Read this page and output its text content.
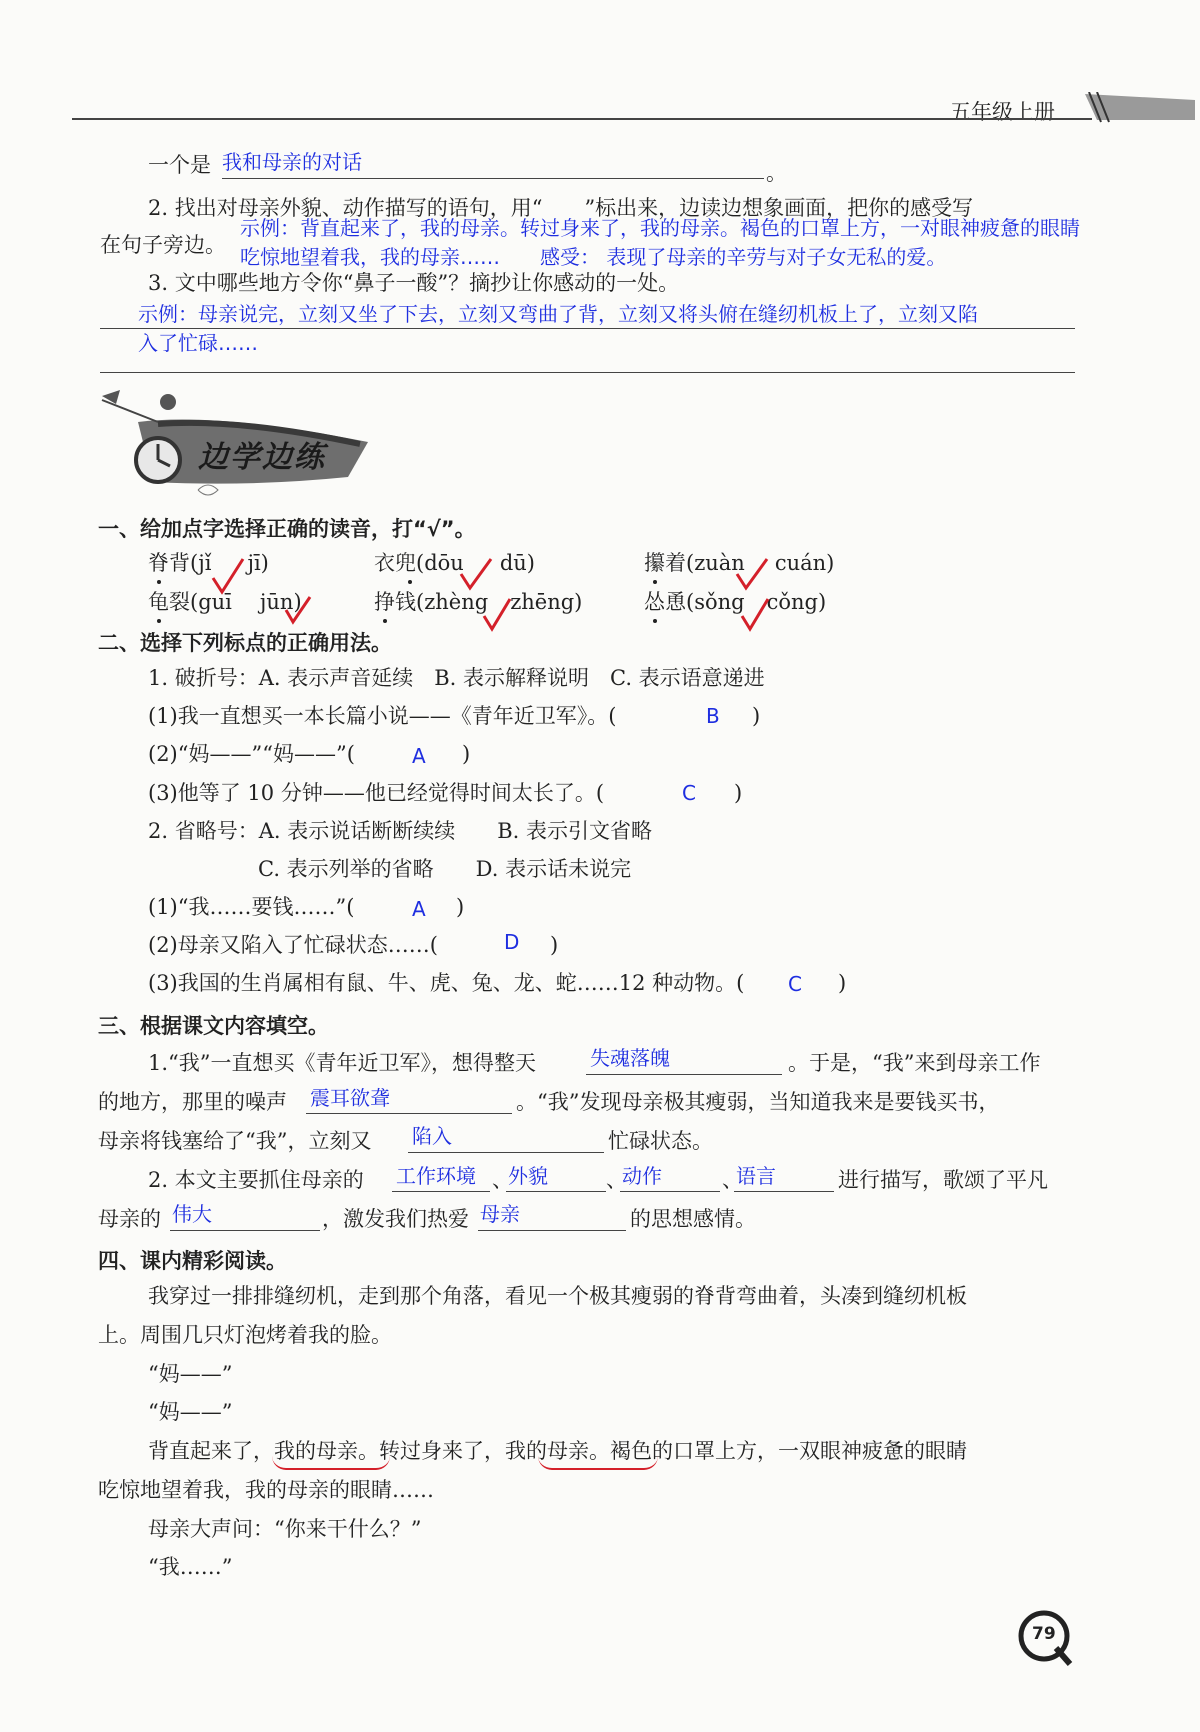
五年级上册
一个是 我和母亲的对话	。
2. 找出对母亲外貌、动作描写的语句，用“　　”标出来，边读边想象画面，把你的感受写
在句子旁边。
示例：背直起来了，我的母亲。转过身来了，我的母亲。褐色的口罩上方，一对眼神疲惫的眼睛
吃惊地望着我，我的母亲……　　感受： 表现了母亲的辛劳与对子女无私的爱。
3. 文中哪些地方令你“鼻子一酸”？摘抄让你感动的一处。
示例：母亲说完，立刻又坐了下去，立刻又弯曲了背，立刻又将头俯在缝纫机板上了，立刻又陷
入了忙碌……
边学边练
一、给加点字选择正确的读音，打“√”。
脊背(jǐ jī)	衣兜(dōu dū)	攥着(zuàn cuán)
龟裂(guī jūn)	挣钱(zhèng zhēng)	怂恿(sǒng cǒng)
二、选择下列标点的正确用法。
1. 破折号：A. 表示声音延续　B. 表示解释说明　C. 表示语意递进
(1)我一直想买一本长篇小说——《青年近卫军》。(	B )
(2)“妈——”“妈——”(	A )
(3)他等了 10 分钟——他已经觉得时间太长了。(	C )
2. 省略号：A. 表示说话断断续续　　B. 表示引文省略
C. 表示列举的省略　　D. 表示话未说完
(1)“我……要钱……”(	A )
(2)母亲又陷入了忙碌状态……(	D )
(3)我国的生肖属相有鼠、牛、虎、兔、龙、蛇……12 种动物。( C )
三、根据课文内容填空。
1.“我”一直想买《青年近卫军》，想得整天	失魂落魄	。于是，“我”来到母亲工作
的地方，那里的噪声 震耳欲聋	。“我”发现母亲极其瘦弱，当知道我来是要钱买书，
母亲将钱塞给了“我”，立刻又 陷入	忙碌状态。
2. 本文主要抓住母亲的 工作环境 、
外貌	、
动作	、
语言	进行描写，歌颂了平凡
母亲的 伟大	，激发我们热爱 母亲	的思想感情。
四、课内精彩阅读。
我穿过一排排缝纫机，走到那个角落，看见一个极其瘦弱的脊背弯曲着，头凑到缝纫机板
上。周围几只灯泡烤着我的脸。
“妈——”
“妈——”
背直起来了，我的母亲。转过身来了，我的母亲。褐色的口罩上方，一双眼神疲惫的眼睛
吃惊地望着我，我的母亲的眼睛……
母亲大声问：“你来干什么？”
“我……”
79
